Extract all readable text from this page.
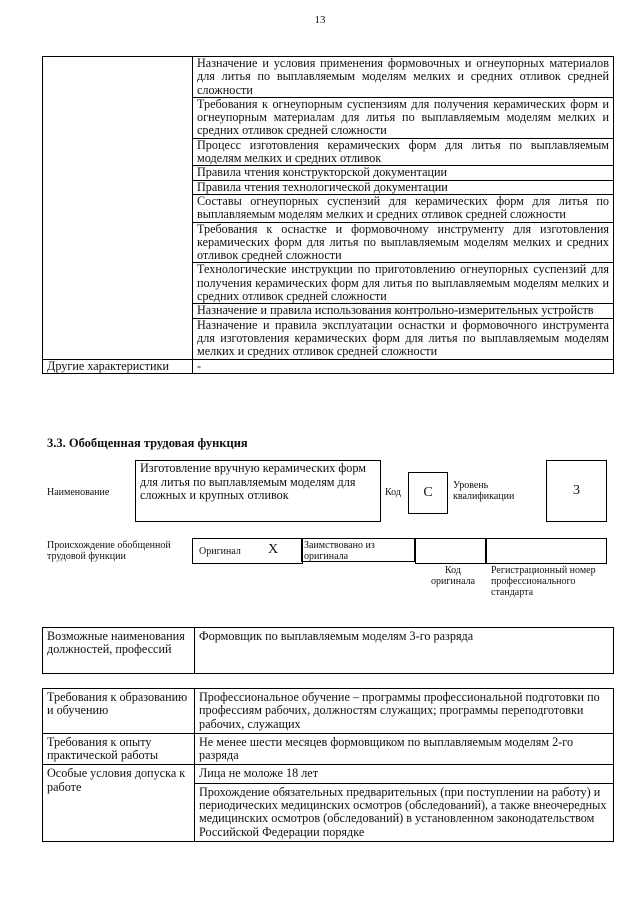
13
	Назначение и условия применения формовочных и огнеупорных материалов для литья по выплавляемым моделям мелких и средних отливок средней сложности
	Требования к огнеупорным суспензиям для получения керамических форм и огнеупорным материалам для литья по выплавляемым моделям мелких и средних отливок средней сложности
	Процесс изготовления керамических форм для литья по выплавляемым моделям мелких и средних отливок
	Правила чтения конструкторской документации
	Правила чтения технологической документации
	Составы огнеупорных суспензий для керамических форм для литья по выплавляемым моделям мелких и средних отливок средней сложности
	Требования к оснастке и формовочному инструменту для изготовления керамических форм для литья по выплавляемым моделям мелких и средних отливок средней сложности
	Технологические инструкции по приготовлению огнеупорных суспензий для получения керамических форм для литья по выплавляемым моделям мелких и средних отливок средней сложности
	Назначение и правила использования контрольно-измерительных устройств
	Назначение и правила эксплуатации оснастки и формовочного инструмента для изготовления керамических форм для литья по выплавляемым моделям мелких и средних отливок средней сложности
Другие характеристики	-
3.3. Обобщенная трудовая функция
Наименование
Изготовление вручную керамических форм для литья по выплавляемым моделям для сложных и крупных отливок	Код	C	Уровень квалификации	3
Происхождение обобщенной трудовой функции	Оригинал X	Заимствовано из оригинала
Код оригинала
Регистрационный номер профессионального стандарта
Возможные наименования должностей, профессий	Формовщик по выплавляемым моделям 3-го разряда
Требования к образованию и обучению	Профессиональное обучение – программы профессиональной подготовки по профессиям рабочих, должностям служащих; программы переподготовки рабочих, служащих
Требования к опыту практической работы	Не менее шести месяцев формовщиком по выплавляемым моделям 2-го разряда
Особые условия допуска к работе	Лица не моложе 18 лет
	Прохождение обязательных предварительных (при поступлении на работу) и периодических медицинских осмотров (обследований), а также внеочередных медицинских осмотров (обследований) в установленном законодательством Российской Федерации порядке
